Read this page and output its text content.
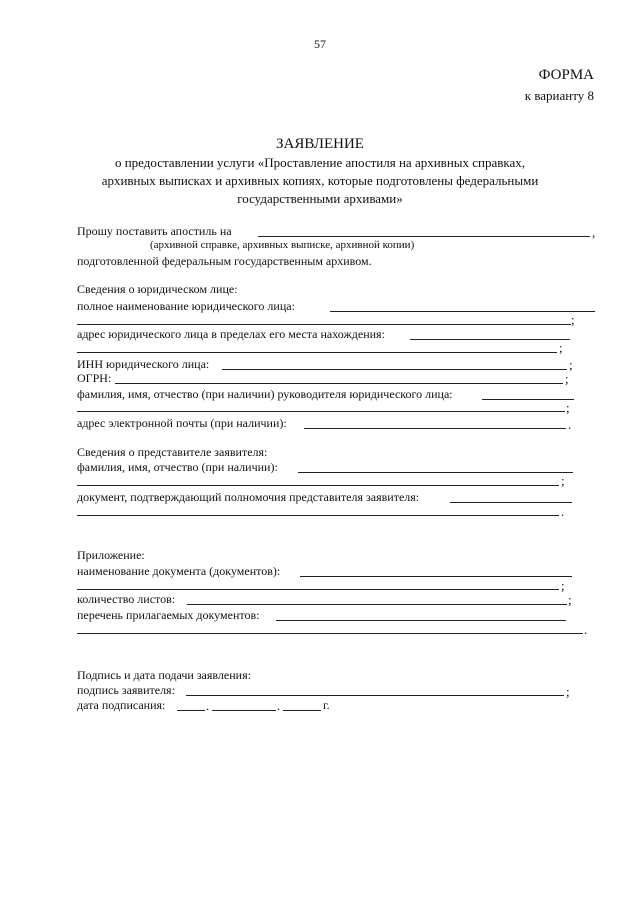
57
ФОРМА
к варианту 8
ЗАЯВЛЕНИЕ
о предоставлении услуги «Проставление апостиля на архивных справках,
архивных выписках и архивных копиях, которые подготовлены федеральными
государственными архивами»
Прошу поставить апостиль на	,
(архивной справке, архивных выписке, архивной копии)
подготовленной федеральным государственным архивом.
Сведения о юридическом лице:
полное наименование юридического лица:
;
адрес юридического лица в пределах его места нахождения:
;
ИНН юридического лица:	;
ОГРН:	;
фамилия, имя, отчество (при наличии) руководителя юридического лица:
;
адрес электронной почты (при наличии):	.
Сведения о представителе заявителя:
фамилия, имя, отчество (при наличии):
;
документ, подтверждающий полномочия представителя заявителя:
.
Приложение:
наименование документа (документов):
;
количество листов:	;
перечень прилагаемых документов:
.
Подпись и дата подачи заявления:
подпись заявителя:	;
дата подписания:	.	.	г.
